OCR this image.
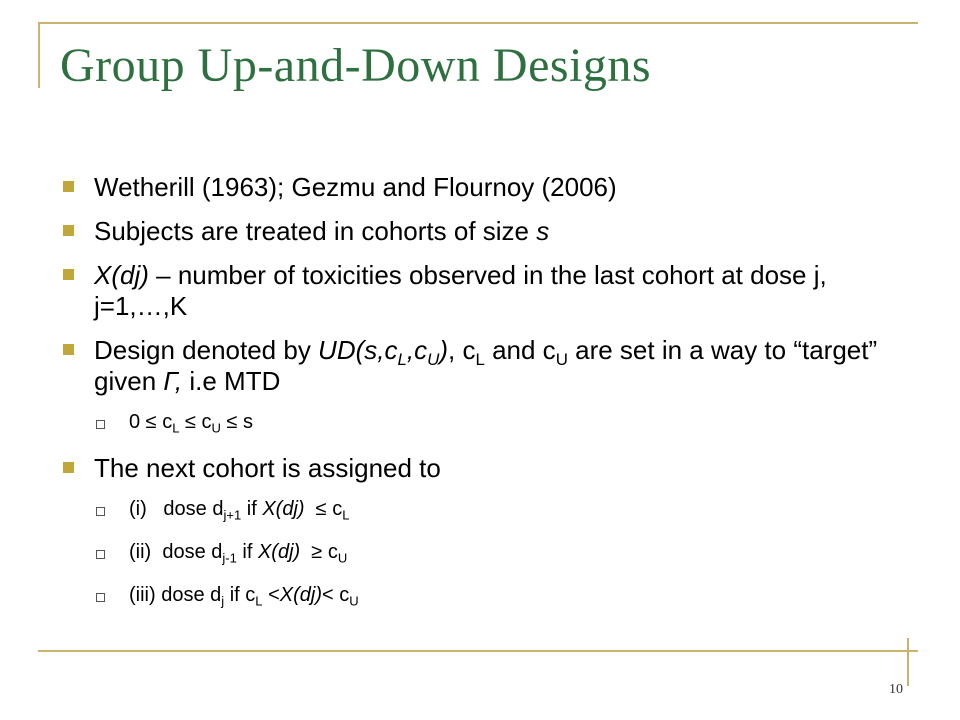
Group Up-and-Down Designs
Wetherill (1963); Gezmu and Flournoy (2006)
Subjects are treated in cohorts of size s
X(dj) – number of toxicities observed in the last cohort at dose j, j=1,…,K
Design denoted by $UD(s,c_L,c_U)$, $c_L$ and $c_U$ are set in a way to “target” given Γ, i.e MTD
$0 \le c_L \le c_U \le s$
The next cohort is assigned to
(i)   dose $d_{j+1}$ if $X(dj) \le c_L$
(ii)  dose $d_{j-1}$ if $X(dj) \ge c_U$
(iii) dose $d_j$ if $c_L <X(dj)< c_U$
10
